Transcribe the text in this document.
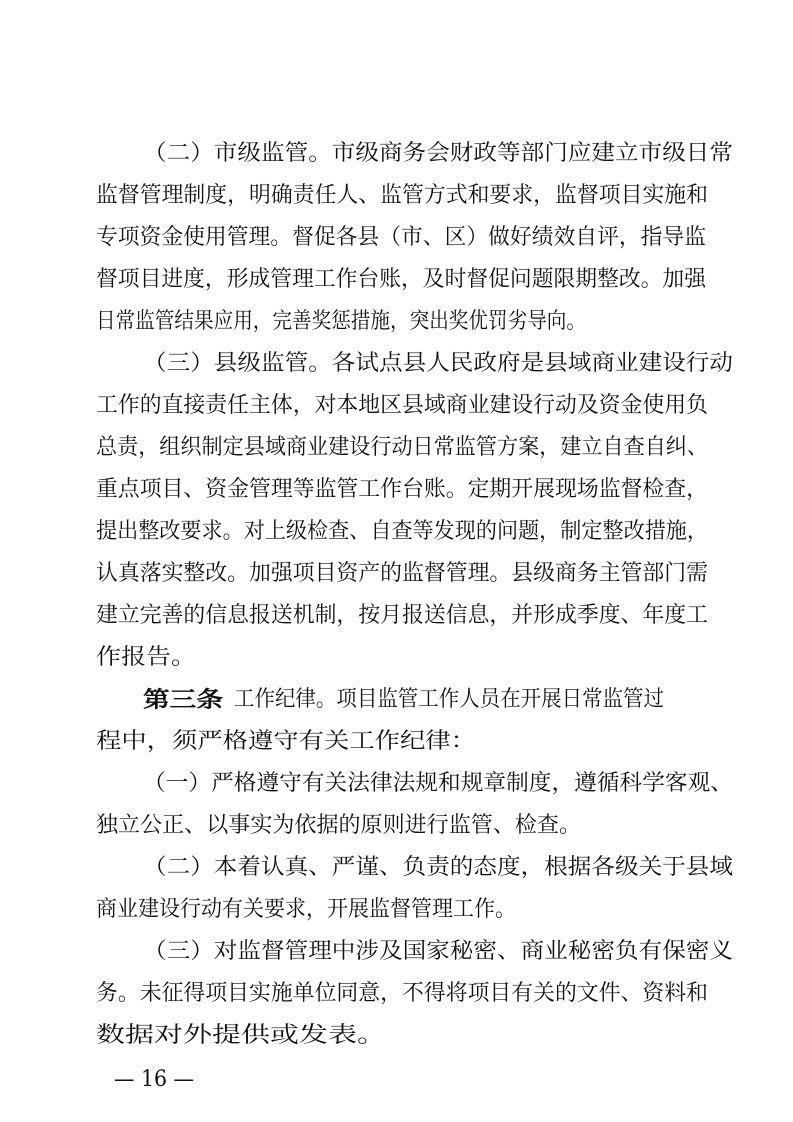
（二）市级监管。市级商务会财政等部门应建立市级日常

监督管理制度，明确责任人、监管方式和要求，监督项目实施和

专项资金使用管理。督促各县（市、区）做好绩效自评，指导监

督项目进度，形成管理工作台账，及时督促问题限期整改。加强

日常监管结果应用，完善奖惩措施，突出奖优罚劣导向。

（三）县级监管。各试点县人民政府是县域商业建设行动

工作的直接责任主体，对本地区县域商业建设行动及资金使用负

总责，组织制定县域商业建设行动日常监管方案，建立自查自纠、

重点项目、资金管理等监管工作台账。定期开展现场监督检查，

提出整改要求。对上级检查、自查等发现的问题，制定整改措施，

认真落实整改。加强项目资产的监督管理。县级商务主管部门需

建立完善的信息报送机制，按月报送信息，并形成季度、年度工

作报告。

第三条 工作纪律。项目监管工作人员在开展日常监管过

程中，须严格遵守有关工作纪律：

（一）严格遵守有关法律法规和规章制度，遵循科学客观、

独立公正、以事实为依据的原则进行监管、检查。

（二）本着认真、严谨、负责的态度，根据各级关于县域

商业建设行动有关要求，开展监督管理工作。

（三）对监督管理中涉及国家秘密、商业秘密负有保密义

务。未征得项目实施单位同意，不得将项目有关的文件、资料和

数据对外提供或发表。

— 16 —
